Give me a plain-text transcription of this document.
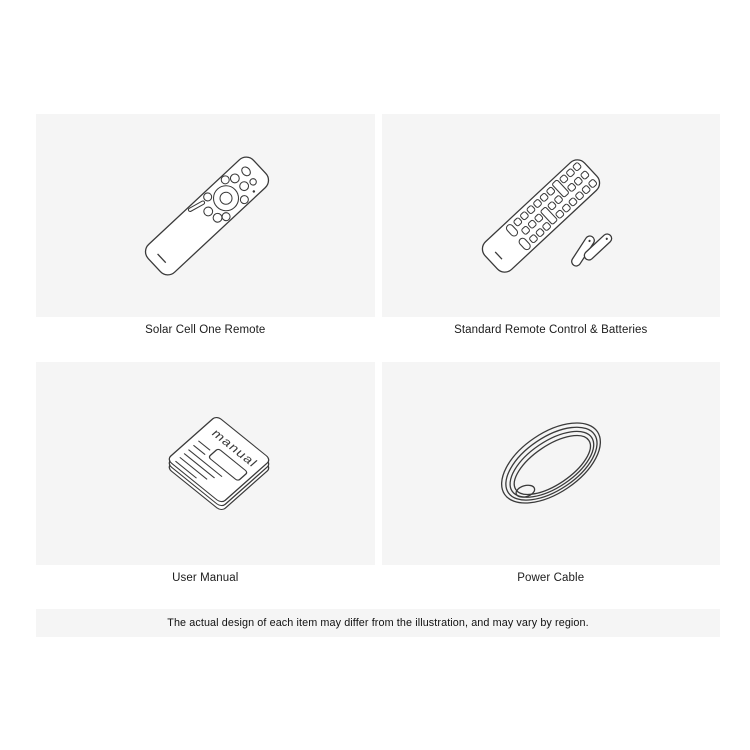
Solar Cell One Remote	Standard Remote Control & Batteries
manual
User Manual	Power Cable
The actual design of each item may differ from the illustration, and may vary by region.
